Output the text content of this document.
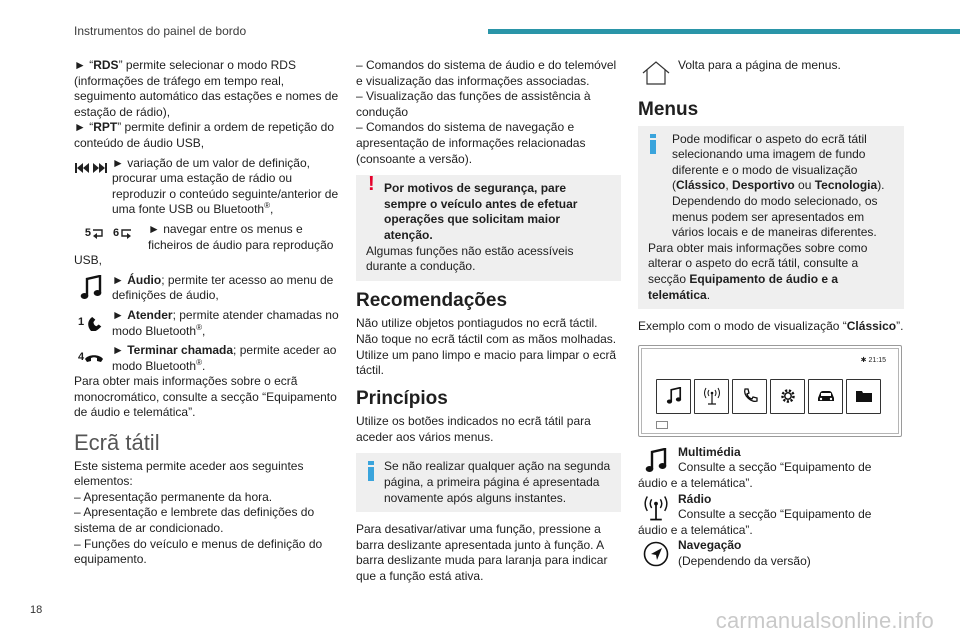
Instrumentos do painel de bordo

► “RDS” permite selecionar o modo RDS (informações de tráfego em tempo real, seguimento automático das estações e nomes de estação de rádio),

► “RPT” permite definir a ordem de repetição do conteúdo de áudio USB,

► variação de um valor de definição, procurar uma estação de rádio ou reproduzir o conteúdo seguinte/anterior de uma fonte USB ou Bluetooth®,

5 6 ► navegar entre os menus e ficheiros de áudio para reprodução

USB,

► Áudio; permite ter acesso ao menu de definições de áudio,

1

► Atender; permite atender chamadas no modo Bluetooth®,

4

► Terminar chamada; permite aceder ao modo Bluetooth®.

Para obter mais informações sobre o ecrã monocromático, consulte a secção “Equipamento de áudio e telemática”.

Ecrã tátil

Este sistema permite aceder aos seguintes elementos:

– Apresentação permanente da hora.

– Apresentação e lembrete das definições do sistema de ar condicionado.

– Funções do veículo e menus de definição do equipamento.

– Comandos do sistema de áudio e do telemóvel e visualização das informações associadas.

– Visualização das funções de assistência à condução

– Comandos do sistema de navegação e apresentação de informações relacionadas (consoante a versão).

! Por motivos de segurança, pare sempre o veículo antes de efetuar operações que solicitam maior atenção.

Algumas funções não estão acessíveis durante a condução.

Recomendações

Não utilize objetos pontiagudos no ecrã táctil.

Não toque no ecrã táctil com as mãos molhadas.

Utilize um pano limpo e macio para limpar o ecrã táctil.

Princípios

Utilize os botões indicados no ecrã tátil para aceder aos vários menus.

Se não realizar qualquer ação na segunda página, a primeira página é apresentada novamente após alguns instantes.

Para desativar/ativar uma função, pressione a barra deslizante apresentada junto à função. A barra deslizante muda para laranja para indicar que a função está ativa.

Volta para a página de menus.

Menus

Pode modificar o aspeto do ecrã tátil selecionando uma imagem de fundo diferente e o modo de visualização (Clássico, Desportivo ou Tecnologia). Dependendo do modo selecionado, os menus podem ser apresentados em vários locais e de maneiras diferentes.

Para obter mais informações sobre como alterar o aspeto do ecrã tátil, consulte a secção Equipamento de áudio e a telemática.

Exemplo com o modo de visualização “Clássico”.

✱ 21:15

Multimédia

Consulte a secção “Equipamento de áudio e a telemática”.

Rádio

Consulte a secção “Equipamento de áudio e a telemática”.

Navegação

(Dependendo da versão)

18	carmanualsonline.info
